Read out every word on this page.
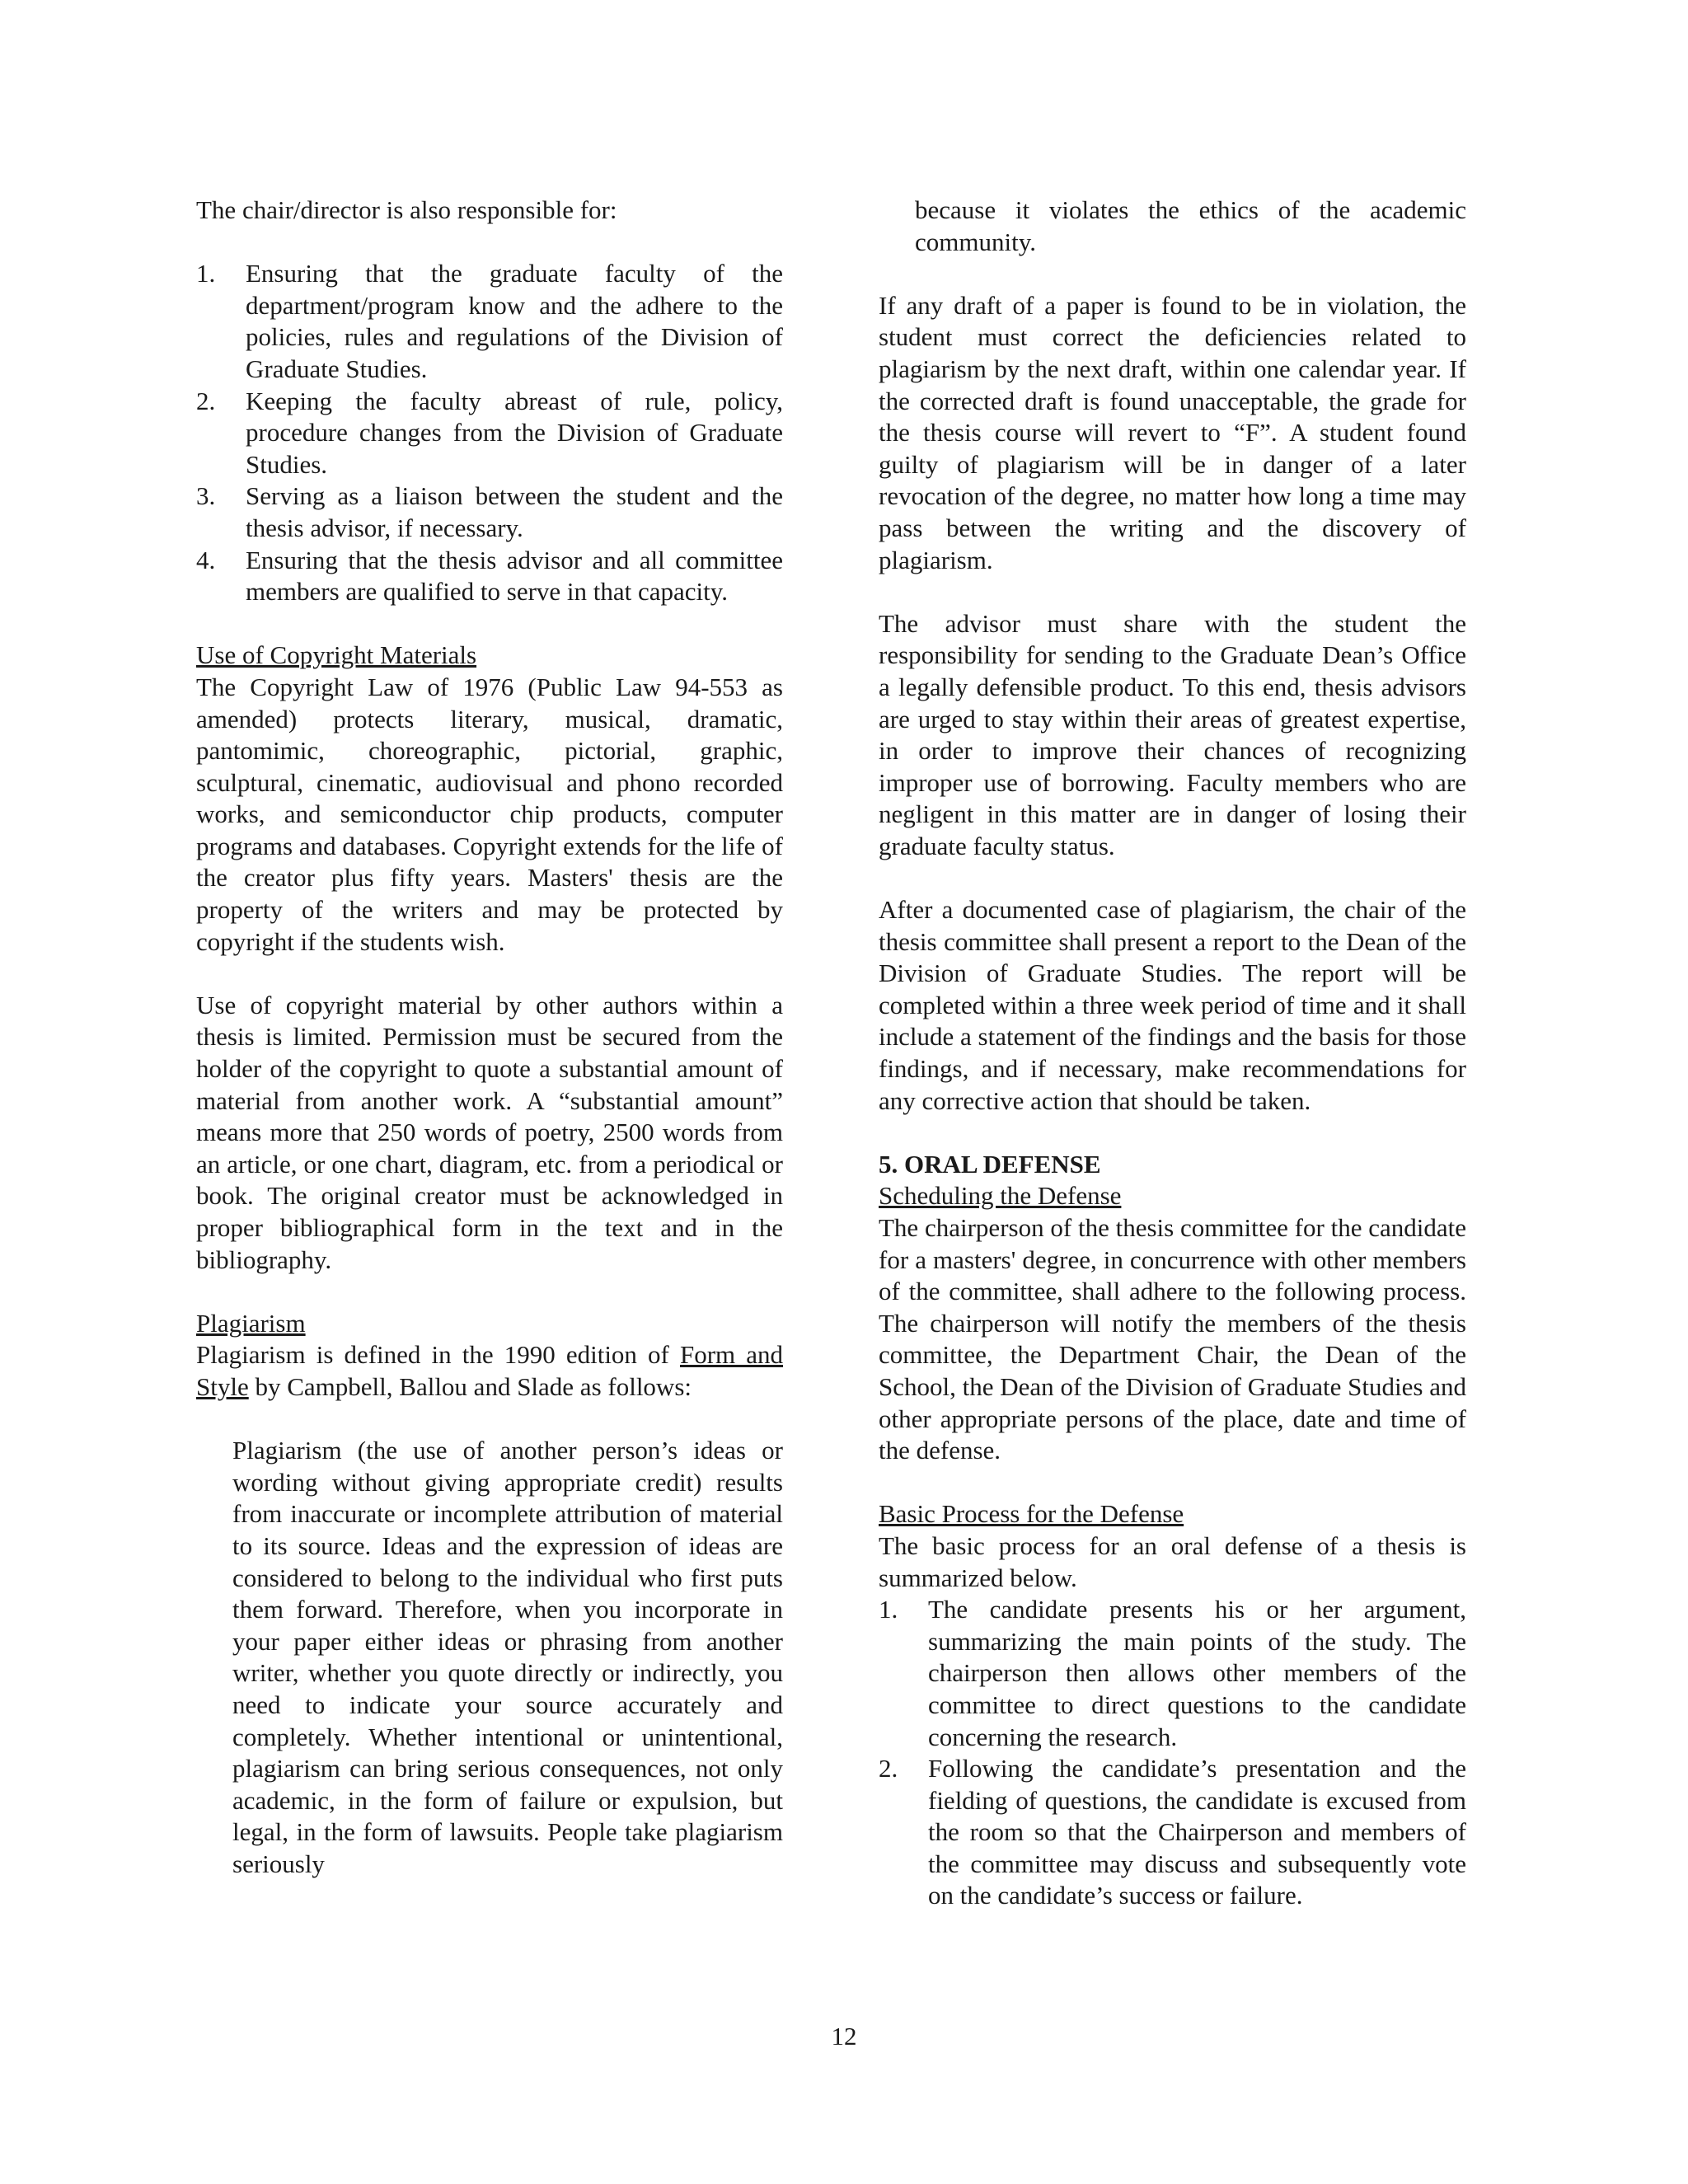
The chair/director is also responsible for:

1. Ensuring that the graduate faculty of the department/program know and the adhere to the policies, rules and regulations of the Division of Graduate Studies.
2. Keeping the faculty abreast of rule, policy, procedure changes from the Division of Graduate Studies.
3. Serving as a liaison between the student and the thesis advisor, if necessary.
4. Ensuring that the thesis advisor and all committee members are qualified to serve in that capacity.

Use of Copyright Materials

The Copyright Law of 1976 (Public Law 94-553 as amended) protects literary, musical, dramatic, pantomimic, choreographic, pictorial, graphic, sculptural, cinematic, audiovisual and phono recorded works, and semiconductor chip products, computer programs and databases. Copyright extends for the life of the creator plus fifty years. Masters' thesis are the property of the writers and may be protected by copyright if the students wish.

Use of copyright material by other authors within a thesis is limited. Permission must be secured from the holder of the copyright to quote a substantial amount of material from another work. A “substantial amount” means more that 250 words of poetry, 2500 words from an article, or one chart, diagram, etc. from a periodical or book. The original creator must be acknowledged in proper bibliographical form in the text and in the bibliography.

Plagiarism

Plagiarism is defined in the 1990 edition of Form and Style by Campbell, Ballou and Slade as follows:

Plagiarism (the use of another person’s ideas or wording without giving appropriate credit) results from inaccurate or incomplete attribution of material to its source. Ideas and the expression of ideas are considered to belong to the individual who first puts them forward. Therefore, when you incorporate in your paper either ideas or phrasing from another writer, whether you quote directly or indirectly, you need to indicate your source accurately and completely. Whether intentional or unintentional, plagiarism can bring serious consequences, not only academic, in the form of failure or expulsion, but legal, in the form of lawsuits. People take plagiarism seriously

because it violates the ethics of the academic community.

If any draft of a paper is found to be in violation, the student must correct the deficiencies related to plagiarism by the next draft, within one calendar year. If the corrected draft is found unacceptable, the grade for the thesis course will revert to “F”. A student found guilty of plagiarism will be in danger of a later revocation of the degree, no matter how long a time may pass between the writing and the discovery of plagiarism.

The advisor must share with the student the responsibility for sending to the Graduate Dean’s Office a legally defensible product. To this end, thesis advisors are urged to stay within their areas of greatest expertise, in order to improve their chances of recognizing improper use of borrowing. Faculty members who are negligent in this matter are in danger of losing their graduate faculty status.

After a documented case of plagiarism, the chair of the thesis committee shall present a report to the Dean of the Division of Graduate Studies. The report will be completed within a three week period of time and it shall include a statement of the findings and the basis for those findings, and if necessary, make recommendations for any corrective action that should be taken.

5. ORAL DEFENSE

Scheduling the Defense

The chairperson of the thesis committee for the candidate for a masters' degree, in concurrence with other members of the committee, shall adhere to the following process. The chairperson will notify the members of the thesis committee, the Department Chair, the Dean of the School, the Dean of the Division of Graduate Studies and other appropriate persons of the place, date and time of the defense.

Basic Process for the Defense

The basic process for an oral defense of a thesis is summarized below.

1. The candidate presents his or her argument, summarizing the main points of the study. The chairperson then allows other members of the committee to direct questions to the candidate concerning the research.
2. Following the candidate’s presentation and the fielding of questions, the candidate is excused from the room so that the Chairperson and members of the committee may discuss and subsequently vote on the candidate’s success or failure.
12
